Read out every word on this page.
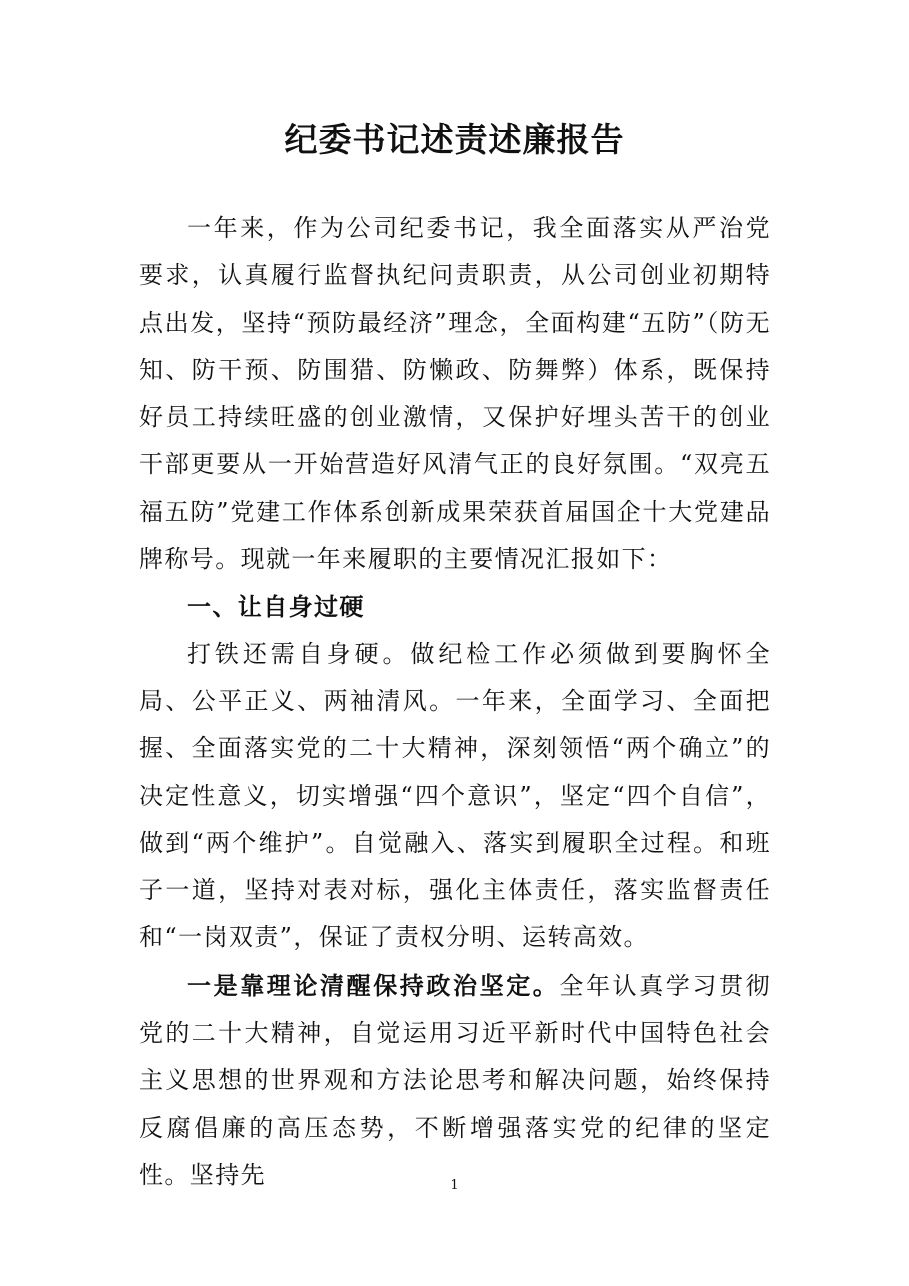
纪委书记述责述廉报告

一年来，作为公司纪委书记，我全面落实从严治党要求，认真履行监督执纪问责职责，从公司创业初期特点出发，坚持“预防最经济”理念，全面构建“五防”（防无知、防干预、防围猎、防懒政、防舞弊）体系，既保持好员工持续旺盛的创业激情，又保护好埋头苦干的创业干部更要从一开始营造好风清气正的良好氛围。“双亮五福五防”党建工作体系创新成果荣获首届国企十大党建品牌称号。现就一年来履职的主要情况汇报如下：

一、让自身过硬

打铁还需自身硬。做纪检工作必须做到要胸怀全局、公平正义、两袖清风。一年来，全面学习、全面把握、全面落实党的二十大精神，深刻领悟“两个确立”的决定性意义，切实增强“四个意识”，坚定“四个自信”，做到“两个维护”。自觉融入、落实到履职全过程。和班子一道，坚持对表对标，强化主体责任，落实监督责任和“一岗双责”，保证了责权分明、运转高效。

一是靠理论清醒保持政治坚定。全年认真学习贯彻党的二十大精神，自觉运用习近平新时代中国特色社会主义思想的世界观和方法论思考和解决问题，始终保持反腐倡廉的高压态势，不断增强落实党的纪律的坚定性。坚持先	1
